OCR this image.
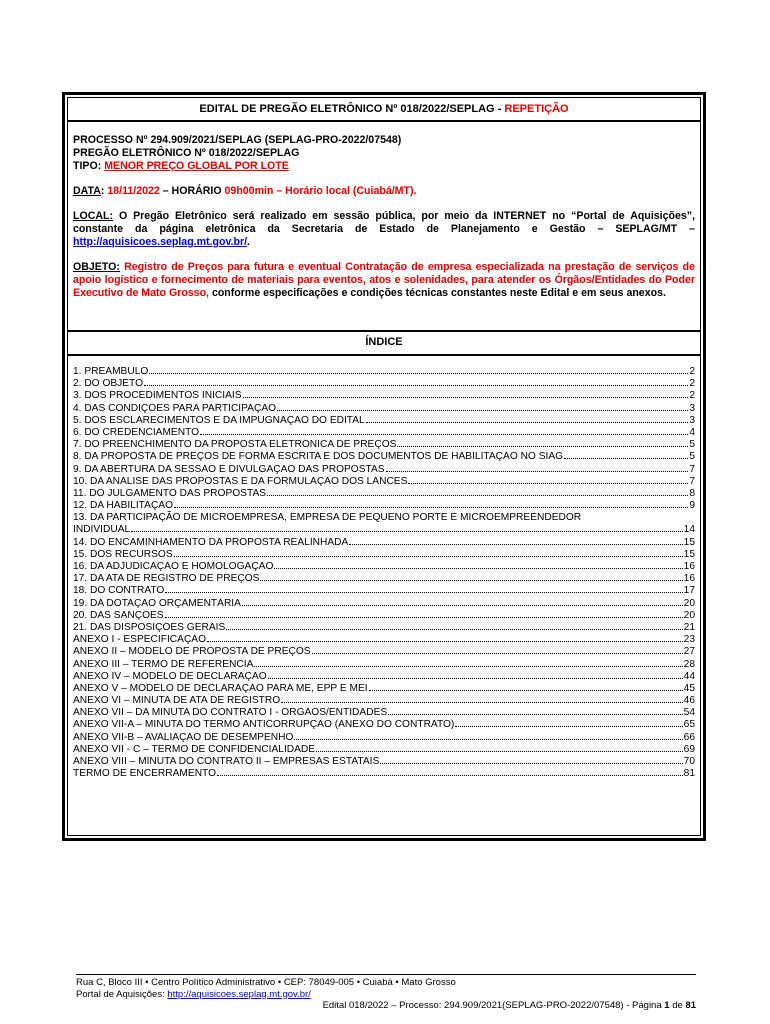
EDITAL DE PREGÃO ELETRÔNICO Nº 018/2022/SEPLAG - REPETIÇÃO

PROCESSO Nº 294.909/2021/SEPLAG (SEPLAG-PRO-2022/07548)

PREGÃO ELETRÔNICO Nº 018/2022/SEPLAG

TIPO: MENOR PREÇO GLOBAL POR LOTE

DATA: 18/11/2022 – HORÁRIO 09h00min – Horário local (Cuiabá/MT).

LOCAL: O Pregão Eletrônico será realizado em sessão pública, por meio da INTERNET no “Portal de Aquisições”, constante da página eletrônica da Secretaria de Estado de Planejamento e Gestão – SEPLAG/MT – http://aquisicoes.seplag.mt.gov.br/.

OBJETO: Registro de Preços para futura e eventual Contratação de empresa especializada na prestação de serviços de apoio logístico e fornecimento de materiais para eventos, atos e solenidades, para atender os Órgãos/Entidades do Poder Executivo de Mato Grosso, conforme especificações e condições técnicas constantes neste Edital e em seus anexos.

ÍNDICE
1. PREÂMBULO	2
2. DO OBJETO	2
3. DOS PROCEDIMENTOS INICIAIS	2
4. DAS CONDIÇÕES PARA PARTICIPAÇÃO	3
5. DOS ESCLARECIMENTOS E DA IMPUGNAÇÃO DO EDITAL	3
6. DO CREDENCIAMENTO	4
7. DO PREENCHIMENTO DA PROPOSTA ELETRÔNICA DE PREÇOS	5
8. DA PROPOSTA DE PREÇOS DE FORMA ESCRITA E DOS DOCUMENTOS DE HABILITAÇÃO NO SIAG	5
9. DA ABERTURA DA SESSÃO E DIVULGAÇÃO DAS PROPOSTAS	7
10. DA ANALISE DAS PROPOSTAS E DA FORMULAÇÃO DOS LANCES	7
11. DO JULGAMENTO DAS PROPOSTAS	8
12. DA HABILITAÇÃO	9
13. DA PARTICIPAÇÃO DE MICROEMPRESA, EMPRESA DE PEQUENO PORTE E MICROEMPREENDEDOR
INDIVIDUAL	14
14. DO ENCAMINHAMENTO DA PROPOSTA REALINHADA	15
15. DOS RECURSOS	15
16. DA ADJUDICAÇÃO E HOMOLOGAÇÃO	16
17. DA ATA DE REGISTRO DE PREÇOS	16
18. DO CONTRATO	17
19. DA DOTAÇÃO ORÇAMENTÁRIA	20
20. DAS SANÇÕES	20
21. DAS DISPOSIÇÕES GERAIS	21
ANEXO I - ESPECIFICAÇÃO	23
ANEXO II – MODELO DE PROPOSTA DE PREÇOS	27
ANEXO III – TERMO DE REFERÊNCIA	28
ANEXO IV – MODELO DE DECLARAÇÃO	44
ANEXO V – MODELO DE DECLARAÇÃO PARA ME, EPP E MEI	45
ANEXO VI – MINUTA DE ATA DE REGISTRO	46
ANEXO VII – DA MINUTA DO CONTRATO I - ÓRGÃOS/ENTIDADES	54
ANEXO VII-A – MINUTA DO TERMO ANTICORRUPÇÃO (ANEXO DO CONTRATO)	65
ANEXO VII-B – AVALIAÇÃO DE DESEMPENHO	66
ANEXO VII - C – TERMO DE CONFIDENCIALIDADE	69
ANEXO VIII – MINUTA DO CONTRATO II – EMPRESAS ESTATAIS	70
TERMO DE ENCERRAMENTO	81

Rua C, Bloco III • Centro Político Administrativo • CEP: 78049-005 • Cuiabá • Mato Grosso

Portal de Aquisições: http://aquisicoes.seplag.mt.gov.br/

Edital 018/2022 – Processo: 294.909/2021(SEPLAG-PRO-2022/07548) - Página 1 de 81
